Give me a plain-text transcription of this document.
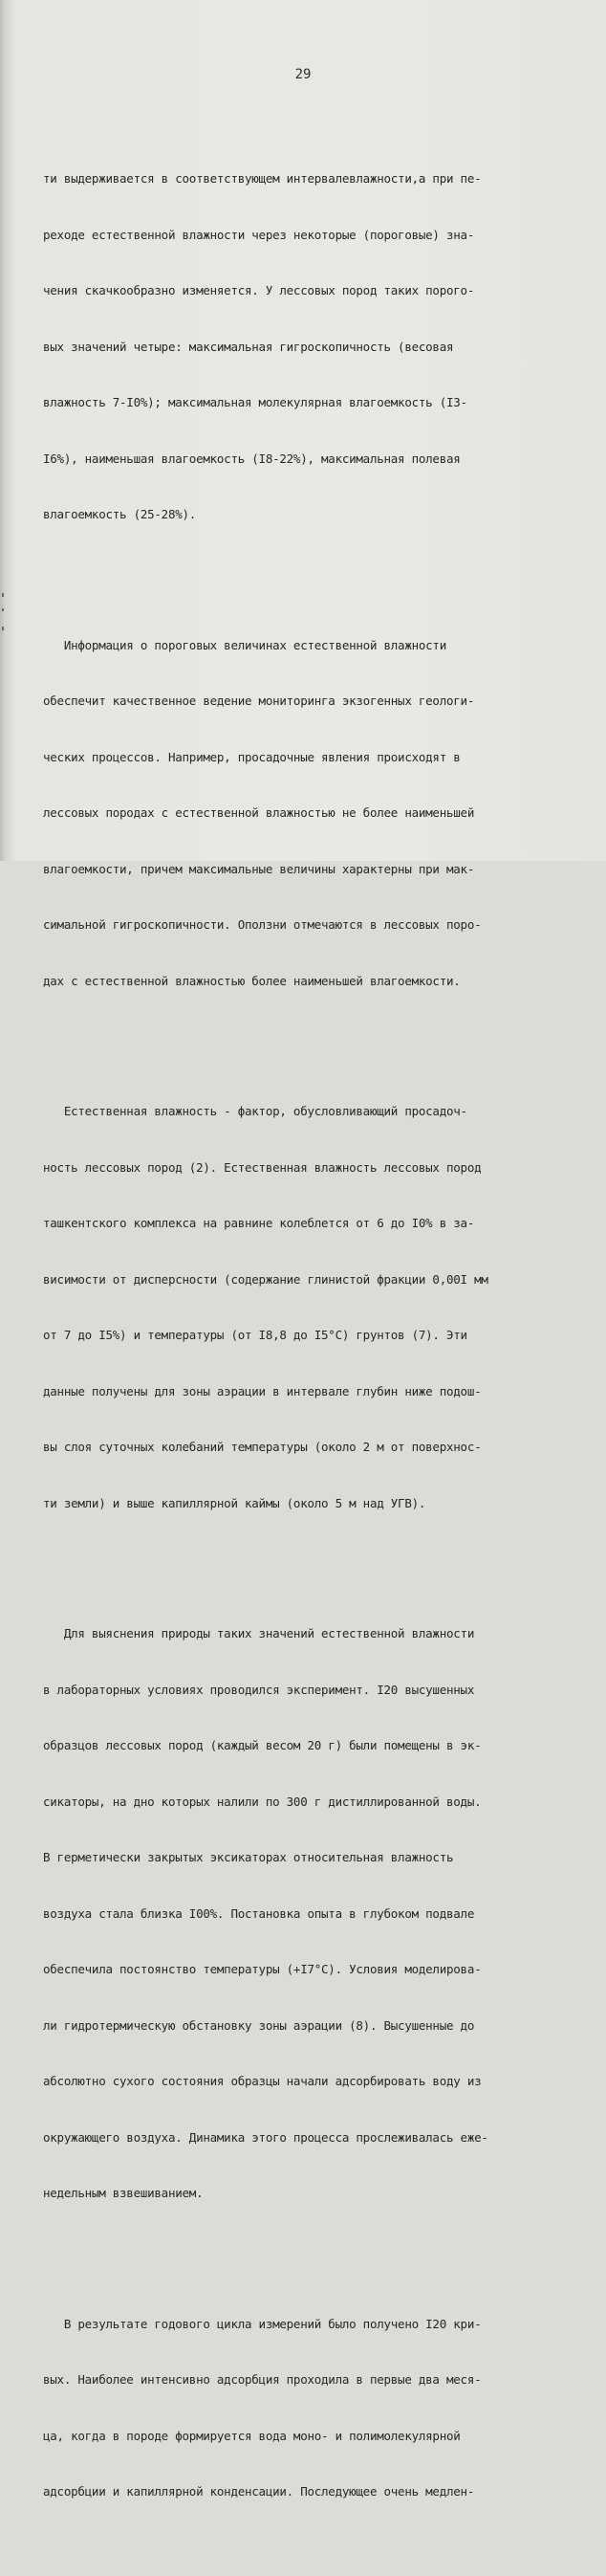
29

ти выдерживается в соответствующем интервалевлажности,а при пе-

реходе естественной влажности через некоторые (пороговые) зна-

чения скачкообразно изменяется. У лессовых пород таких порого-

вых значений четыре: максимальная гигроскопичность (весовая

влажность 7-I0%); максимальная молекулярная влагоемкость (I3-

I6%), наименьшая влагоемкость (I8-22%), максимальная полевая

влагоемкость (25-28%).

Информация о пороговых величинах естественной влажности

обеспечит качественное ведение мониторинга экзогенных геологи-

ческих процессов. Например, просадочные явления происходят в

лессовых породах с естественной влажностью не более наименьшей

влагоемкости, причем максимальные величины характерны при мак-

симальной гигроскопичности. Оползни отмечаются в лессовых поро-

дах с естественной влажностью более наименьшей влагоемкости.

Естественная влажность - фактор, обусловливающий просадоч-

ность лессовых пород (2). Естественная влажность лессовых пород

ташкентского комплекса на равнине колеблется от 6 до I0% в за-

висимости от дисперсности (содержание глинистой фракции 0,00I мм

от 7 до I5%) и температуры (от I8,8 до I5°С) грунтов (7). Эти

данные получены для зоны аэрации в интервале глубин ниже подош-

вы слоя суточных колебаний температуры (около 2 м от поверхнос-

ти земли) и выше капиллярной каймы (около 5 м над УГВ).

Для выяснения природы таких значений естественной влажности

в лабораторных условиях проводился эксперимент. I20 высушенных

образцов лессовых пород (каждый весом 20 г) были помещены в эк-

сикаторы, на дно которых налили по 300 г дистиллированной воды.

В герметически закрытых эксикаторах относительная влажность

воздуха стала близка I00%. Постановка опыта в глубоком подвале

обеспечила постоянство температуры (+I7°С). Условия моделирова-

ли гидротермическую обстановку зоны аэрации (8). Высушенные до

абсолютно сухого состояния образцы начали адсорбировать воду из

окружающего воздуха. Динамика этого процесса прослеживалась еже-

недельным взвешиванием.

В результате годового цикла измерений было получено I20 кри-

вых. Наиболее интенсивно адсорбция проходила в первые два меся-

ца, когда в породе формируется вода моно- и полимолекулярной

адсорбции и капиллярной конденсации. Последующее очень медлен-
